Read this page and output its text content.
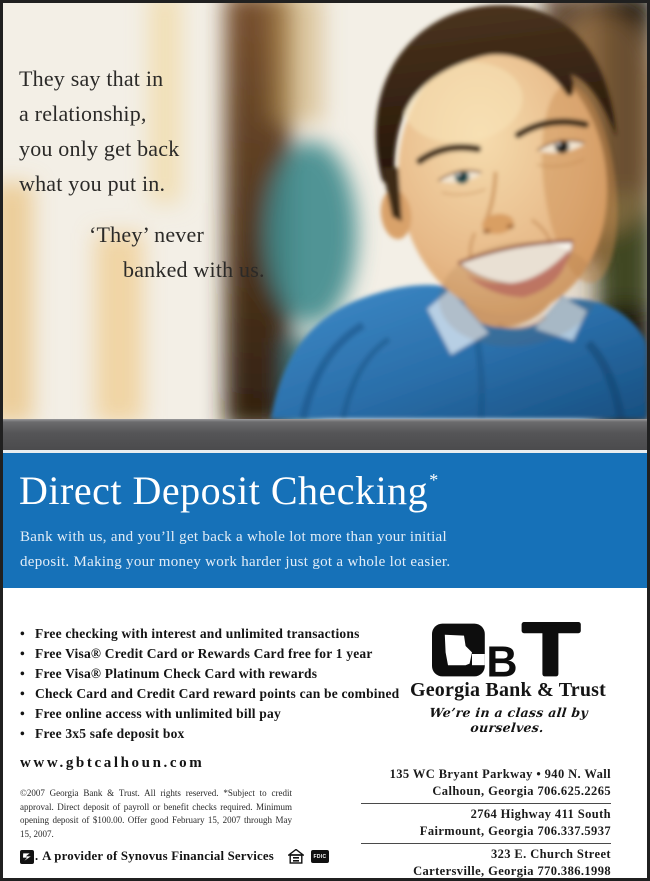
They say that in
a relationship,
you only get back
what you put in.
‘They’ never
banked with us.
Direct Deposit Checking*
Bank with us, and you’ll get back a whole lot more than your initial
deposit. Making your money work harder just got a whole lot easier.
• Free checking with interest and unlimited transactions
• Free Visa® Credit Card or Rewards Card free for 1 year
• Free Visa® Platinum Check Card with rewards
• Check Card and Credit Card reward points can be combined
• Free online access with unlimited bill pay
• Free 3x5 safe deposit box
www.gbtcalhoun.com
©2007 Georgia Bank & Trust. All rights reserved. *Subject to credit approval. Direct deposit of payroll or benefit checks required. Minimum opening deposit of $100.00. Offer good February 15, 2007 through May 15, 2007.
. A provider of Synovus Financial Services	FDIC
B
Georgia Bank & Trust
We’re in a class all by ourselves.
135 WC Bryant Parkway • 940 N. Wall
Calhoun, Georgia 706.625.2265
2764 Highway 411 South
Fairmount, Georgia 706.337.5937
323 E. Church Street
Cartersville, Georgia 770.386.1998
